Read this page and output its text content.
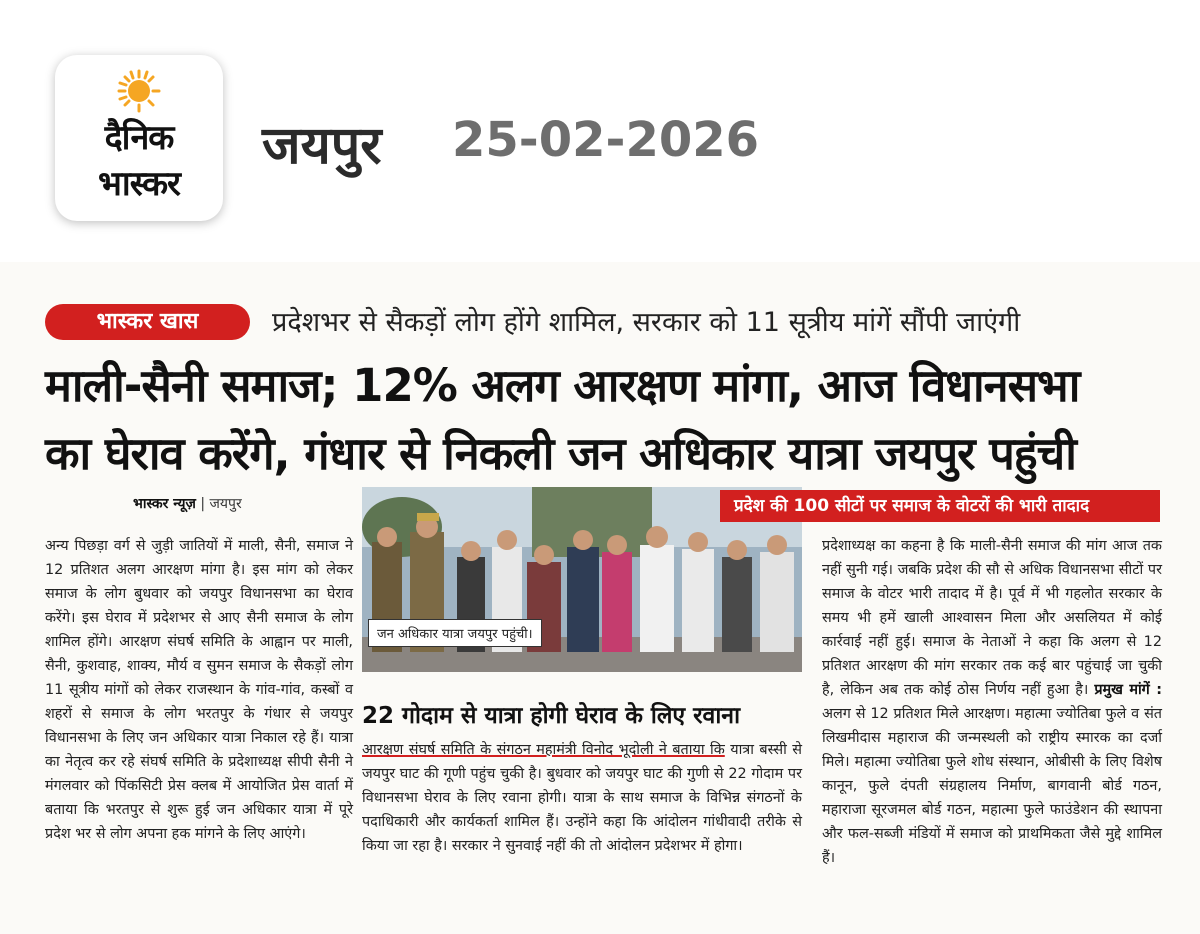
दैनिक
भास्कर
जयपुर 25-02-2026
भास्कर खास	प्रदेशभर से सैकड़ों लोग होंगे शामिल, सरकार को 11 सूत्रीय मांगें सौंपी जाएंगी
माली-सैनी समाज; 12% अलग आरक्षण मांगा, आज विधानसभा
का घेराव करेंगे, गंधार से निकली जन अधिकार यात्रा जयपुर पहुंची
भास्कर न्यूज़ | जयपुर
अन्य पिछड़ा वर्ग से जुड़ी जातियों में माली, सैनी, समाज ने 12 प्रतिशत अलग आरक्षण मांगा है। इस मांग को लेकर समाज के लोग बुधवार को जयपुर विधानसभा का घेराव करेंगे। इस घेराव में प्रदेशभर से आए सैनी समाज के लोग शामिल होंगे। आरक्षण संघर्ष समिति के आह्वान पर माली, सैनी, कुशवाह, शाक्य, मौर्य व सुमन समाज के सैकड़ों लोग 11 सूत्रीय मांगों को लेकर राजस्थान के गांव-गांव, कस्बों व शहरों से समाज के लोग भरतपुर के गंधार से जयपुर विधानसभा के लिए जन अधिकार यात्रा निकाल रहे हैं। यात्रा का नेतृत्व कर रहे संघर्ष समिति के प्रदेशाध्यक्ष सीपी सैनी ने मंगलवार को पिंकसिटी प्रेस क्लब में आयोजित प्रेस वार्ता में बताया कि भरतपुर से शुरू हुई जन अधिकार यात्रा में पूरे प्रदेश भर से लोग अपना हक मांगने के लिए आएंगे।
प्रदेश की 100 सीटों पर समाज के वोटरों की भारी तादाद
जन अधिकार यात्रा जयपुर पहुंची।
22 गोदाम से यात्रा होगी घेराव के लिए रवाना
आरक्षण संघर्ष समिति के संगठन महामंत्री विनोद भूदोली ने बताया कि यात्रा बस्सी से जयपुर घाट की गूणी पहुंच चुकी है। बुधवार को जयपुर घाट की गुणी से 22 गोदाम पर विधानसभा घेराव के लिए रवाना होगी। यात्रा के साथ समाज के विभिन्न संगठनों के पदाधिकारी और कार्यकर्ता शामिल हैं। उन्होंने कहा कि आंदोलन गांधीवादी तरीके से किया जा रहा है। सरकार ने सुनवाई नहीं की तो आंदोलन प्रदेशभर में होगा।
प्रदेशाध्यक्ष का कहना है कि माली-सैनी समाज की मांग आज तक नहीं सुनी गई। जबकि प्रदेश की सौ से अधिक विधानसभा सीटों पर समाज के वोटर भारी तादाद में है। पूर्व में भी गहलोत सरकार के समय भी हमें खाली आश्वासन मिला और असलियत में कोई कार्रवाई नहीं हुई। समाज के नेताओं ने कहा कि अलग से 12 प्रतिशत आरक्षण की मांग सरकार तक कई बार पहुंचाई जा चुकी है, लेकिन अब तक कोई ठोस निर्णय नहीं हुआ है। प्रमुख मांगें : अलग से 12 प्रतिशत मिले आरक्षण। महात्मा ज्योतिबा फुले व संत लिखमीदास महाराज की जन्मस्थली को राष्ट्रीय स्मारक का दर्जा मिले। महात्मा ज्योतिबा फुले शोध संस्थान, ओबीसी के लिए विशेष कानून, फुले दंपती संग्रहालय निर्माण, बागवानी बोर्ड गठन, महाराजा सूरजमल बोर्ड गठन, महात्मा फुले फाउंडेशन की स्थापना और फल-सब्जी मंडियों में समाज को प्राथमिकता जैसे मुद्दे शामिल हैं।
